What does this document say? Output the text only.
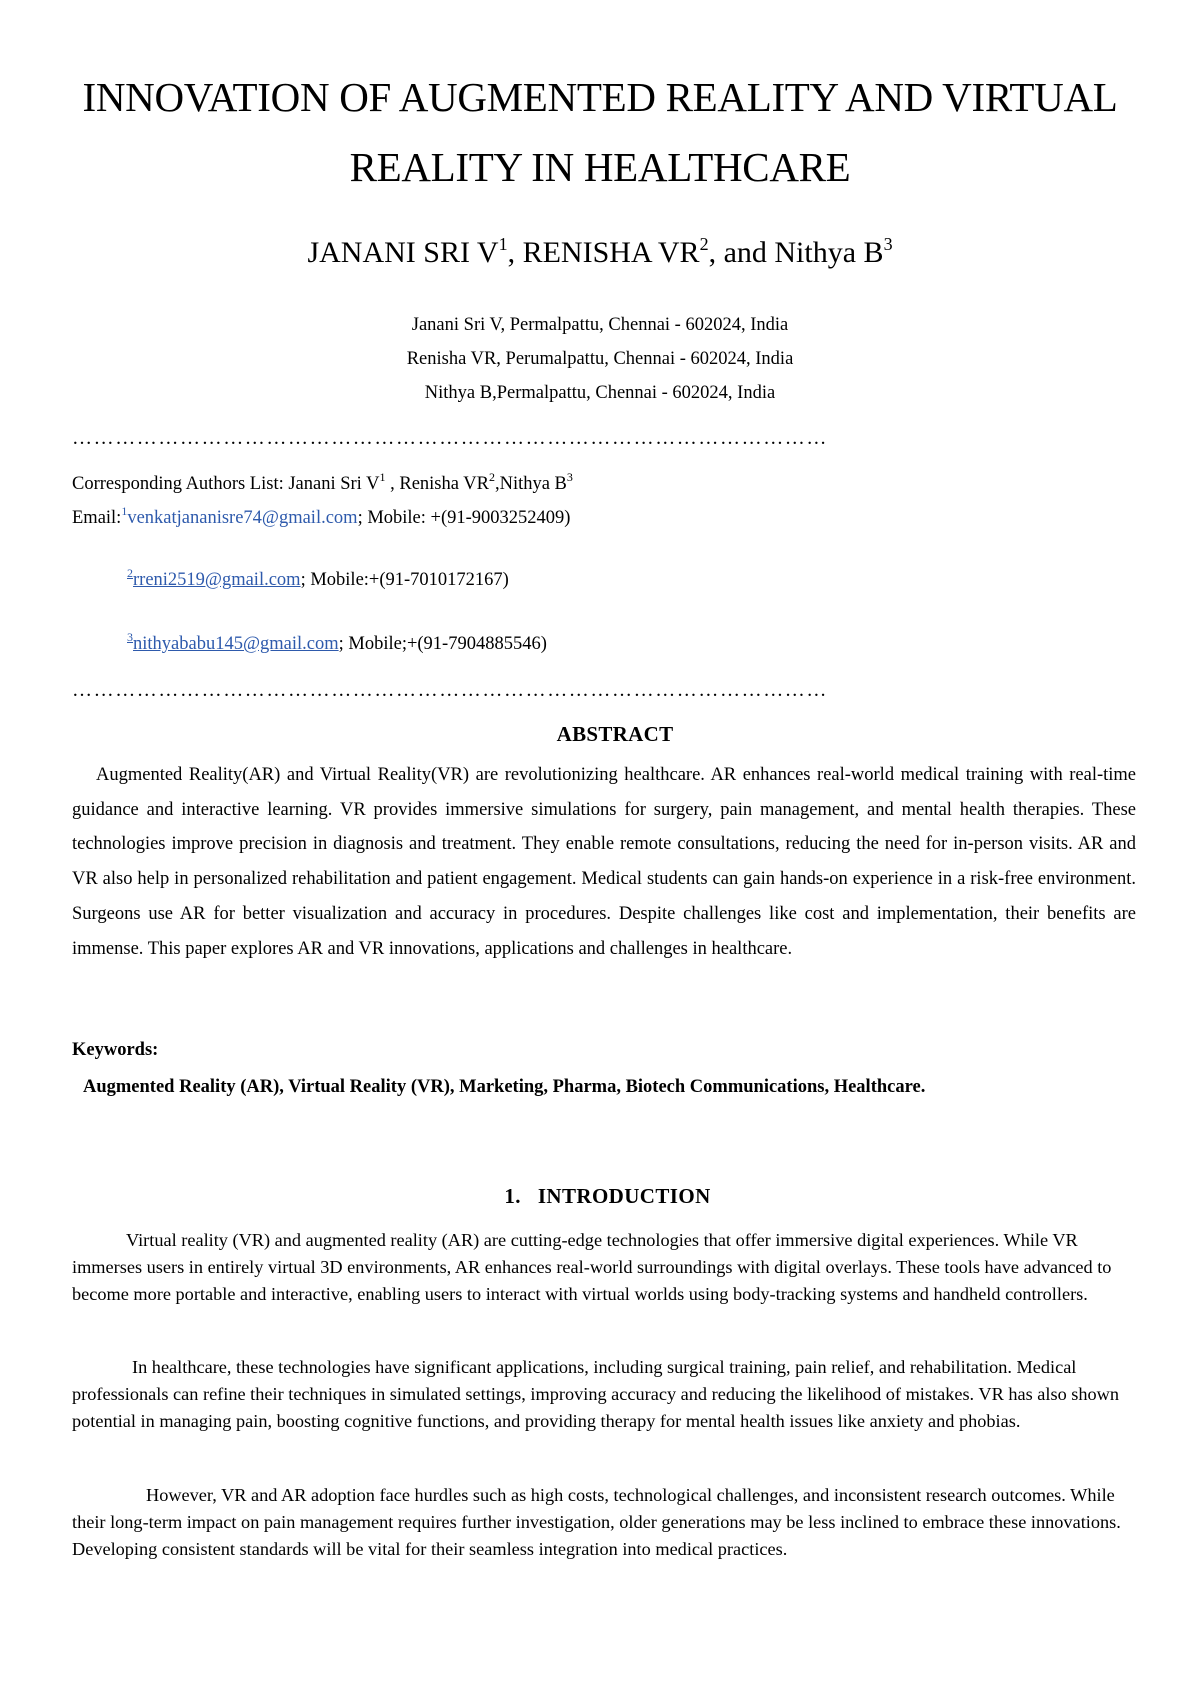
INNOVATION OF AUGMENTED REALITY AND VIRTUAL
REALITY IN HEALTHCARE
JANANI SRI $V^1$, RENISHA $VR^2$, and Nithya $B^3$
Janani Sri V, Permalpattu, Chennai - 602024, India
Renisha VR, Perumalpattu, Chennai - 602024, India
Nithya B,Permalpattu, Chennai - 602024, India
……………………………………………………………………………………………
Corresponding Authors List: Janani Sri $V^1$ , Renisha $VR^2,Nithya$ $B^3$
Email:$^1$venkatjananisre74@gmail.com; Mobile: +(91-9003252409)
$^2$rreni2519@gmail.com; Mobile:+(91-7010172167)
$^3$nithyababu145@gmail.com; Mobile;+(91-7904885546)
……………………………………………………………………………………………
ABSTRACT
Augmented Reality(AR) and Virtual Reality(VR) are revolutionizing healthcare. AR enhances real-world medical training with real-time guidance and interactive learning. VR provides immersive simulations for surgery, pain management, and mental health therapies. These technologies improve precision in diagnosis and treatment. They enable remote consultations, reducing the need for in-person visits. AR and VR also help in personalized rehabilitation and patient engagement. Medical students can gain hands-on experience in a risk-free environment. Surgeons use AR for better visualization and accuracy in procedures. Despite challenges like cost and implementation, their benefits are immense. This paper explores AR and VR innovations, applications and challenges in healthcare.
Keywords:
Augmented Reality (AR), Virtual Reality (VR), Marketing, Pharma, Biotech Communications, Healthcare.
1.   INTRODUCTION
Virtual reality (VR) and augmented reality (AR) are cutting-edge technologies that offer immersive digital experiences. While VR immerses users in entirely virtual 3D environments, AR enhances real-world surroundings with digital overlays. These tools have advanced to become more portable and interactive, enabling users to interact with virtual worlds using body-tracking systems and handheld controllers.
In healthcare, these technologies have significant applications, including surgical training, pain relief, and rehabilitation. Medical professionals can refine their techniques in simulated settings, improving accuracy and reducing the likelihood of mistakes. VR has also shown potential in managing pain, boosting cognitive functions, and providing therapy for mental health issues like anxiety and phobias.
However, VR and AR adoption face hurdles such as high costs, technological challenges, and inconsistent research outcomes. While their long-term impact on pain management requires further investigation, older generations may be less inclined to embrace these innovations. Developing consistent standards will be vital for their seamless integration into medical practices.
